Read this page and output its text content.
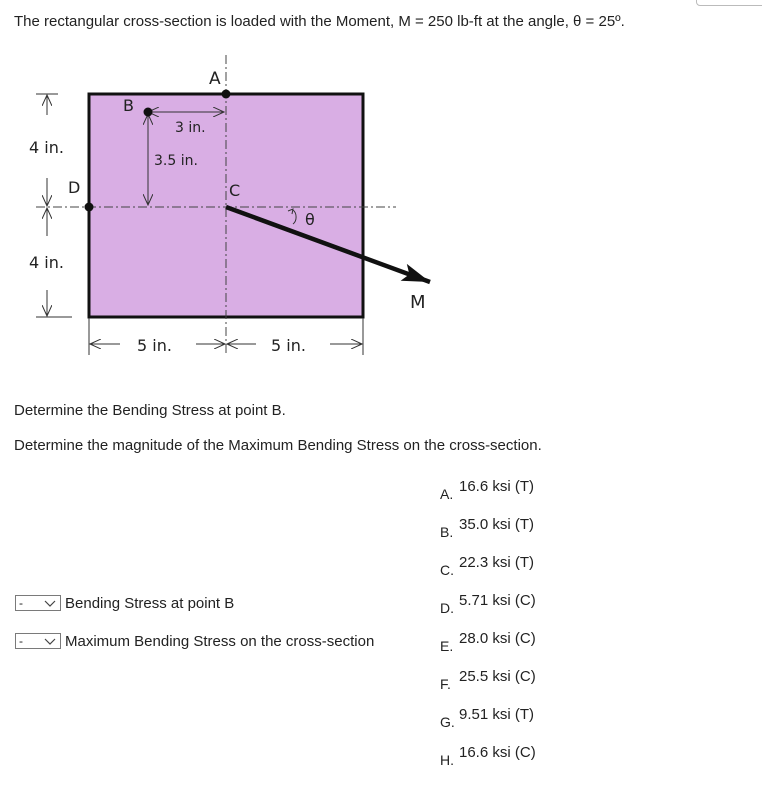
The rectangular cross-section is loaded with the Moment, M = 250 lb-ft at the angle, θ = 25º.
4 in.
4 in.
5 in.	5 in.
3 in.
3.5 in.
A
B
C
D
M
θ
Determine the Bending Stress at point B.
Determine the magnitude of the Maximum Bending Stress on the cross-section.
A. 16.6 ksi (T)
B. 35.0 ksi (T)
C. 22.3 ksi (T)
D. 5.71 ksi (C)
E. 28.0 ksi (C)
F. 25.5 ksi (C)
G. 9.51 ksi (T)
H. 16.6 ksi (C)
-	Bending Stress at point B
-	Maximum Bending Stress on the cross-section
